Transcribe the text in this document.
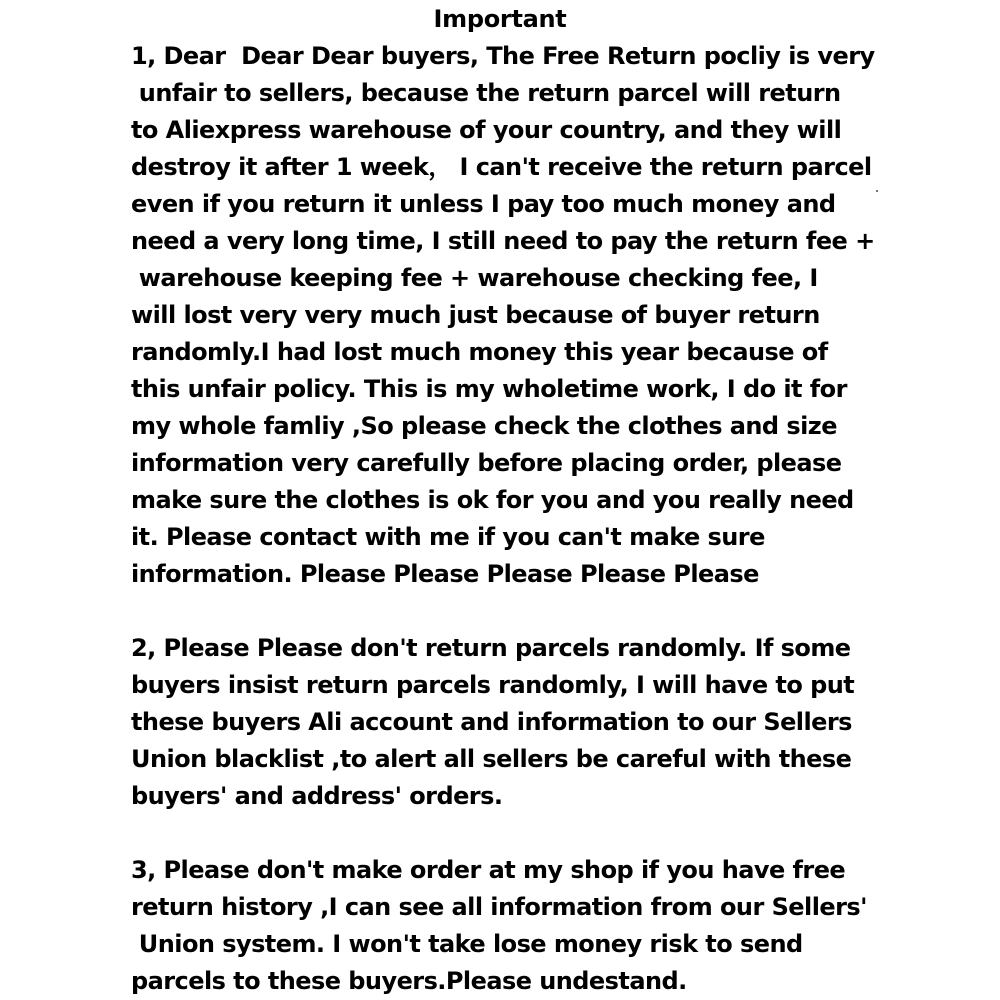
Important
1, Dear  Dear Dear buyers, The Free Return pocliy is very
unfair to sellers, because the return parcel will return
to Aliexpress warehouse of your country, and they will
destroy it after 1 week， I can't receive the return parcel
even if you return it unless I pay too much money and
need a very long time, I still need to pay the return fee +
warehouse keeping fee + warehouse checking fee, I
will lost very very much just because of buyer return
randomly.I had lost much money this year because of
this unfair policy. This is my wholetime work, I do it for
my whole famliy ,So please check the clothes and size
information very carefully before placing order, please
make sure the clothes is ok for you and you really need
it. Please contact with me if you can't make sure
information. Please Please Please Please Please
2, Please Please don't return parcels randomly. If some
buyers insist return parcels randomly, I will have to put
these buyers Ali account and information to our Sellers
Union blacklist ,to alert all sellers be careful with these
buyers' and address' orders.
3, Please don't make order at my shop if you have free
return history ,I can see all information from our Sellers'
Union system. I won't take lose money risk to send
parcels to these buyers.Please undestand.
